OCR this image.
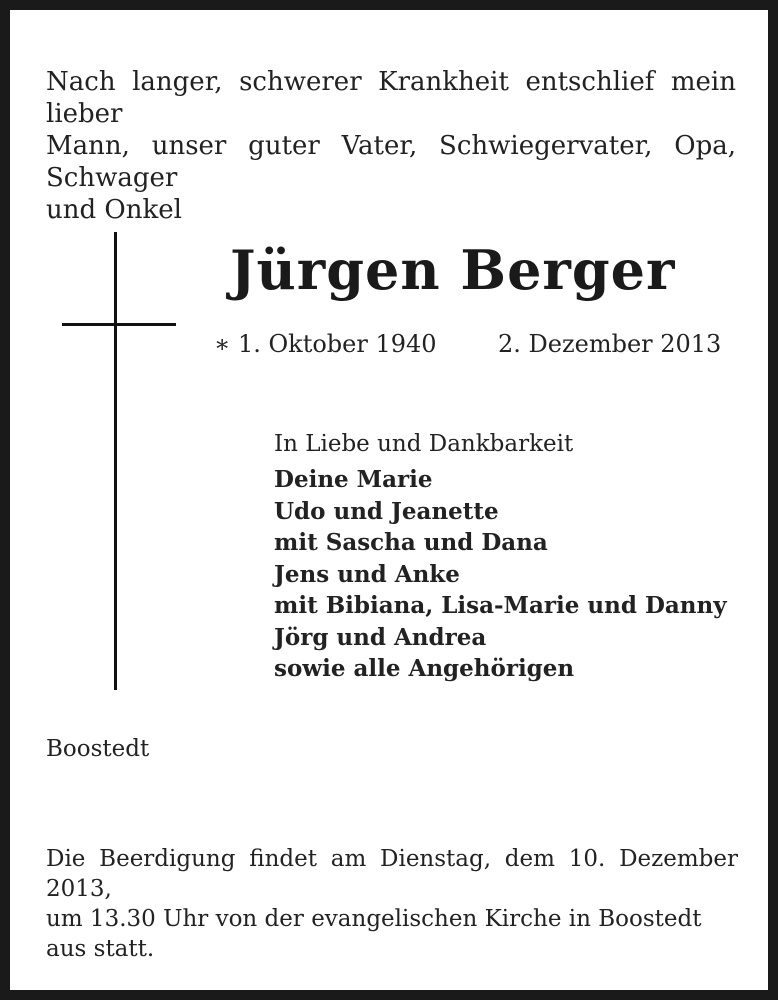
Nach langer, schwerer Krankheit entschlief mein lieber
Mann, unser guter Vater, Schwiegervater, Opa, Schwager
und Onkel
Jürgen Berger
∗ 1. Oktober 1940	2. Dezember 2013
In Liebe und Dankbarkeit
Deine Marie
Udo und Jeanette
mit Sascha und Dana
Jens und Anke
mit Bibiana, Lisa-Marie und Danny
Jörg und Andrea
sowie alle Angehörigen
Boostedt
Die Beerdigung findet am Dienstag, dem 10. Dezember 2013,
um 13.30 Uhr von der evangelischen Kirche in Boostedt
aus statt.
